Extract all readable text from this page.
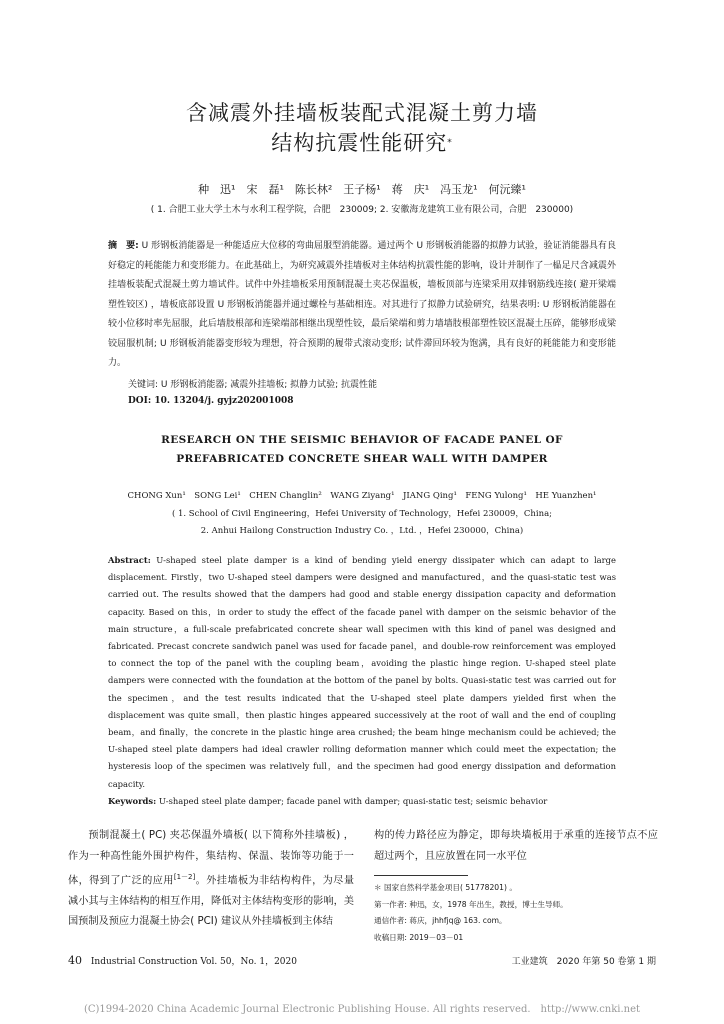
含减震外挂墙板装配式混凝土剪力墙
结构抗震性能研究*
种　迅¹　宋　磊¹　陈长林²　王子杨¹　蒋　庆¹　冯玉龙¹　何沅臻¹
( 1. 合肥工业大学土木与水利工程学院，合肥　230009; 2. 安徽海龙建筑工业有限公司，合肥　230000)
摘　要: U 形钢板消能器是一种能适应大位移的弯曲屈服型消能器。通过两个 U 形钢板消能器的拟静力试验，验证消能器具有良好稳定的耗能能力和变形能力。在此基础上，为研究减震外挂墙板对主体结构抗震性能的影响，设计并制作了一榀足尺含减震外挂墙板装配式混凝土剪力墙试件。试件中外挂墙板采用预制混凝土夹芯保温板，墙板顶部与连梁采用双排钢筋线连接( 避开梁端塑性铰区) ，墙板底部设置 U 形钢板消能器并通过螺栓与基础相连。对其进行了拟静力试验研究，结果表明: U 形钢板消能器在较小位移时率先屈服，此后墙肢根部和连梁端部相继出现塑性铰，最后梁端和剪力墙墙肢根部塑性铰区混凝土压碎，能够形成梁铰屈服机制; U 形钢板消能器变形较为理想，符合预期的履带式滚动变形; 试件滞回环较为饱满，具有良好的耗能能力和变形能力。
关键词: U 形钢板消能器; 减震外挂墙板; 拟静力试验; 抗震性能
DOI: 10. 13204/j. gyjz202001008
RESEARCH ON THE SEISMIC BEHAVIOR OF FACADE PANEL OF
PREFABRICATED CONCRETE SHEAR WALL WITH DAMPER
CHONG Xun¹　SONG Lei¹　CHEN Changlin²　WANG Ziyang¹　JIANG Qing¹　FENG Yulong¹　HE Yuanzhen¹
( 1. School of Civil Engineering，Hefei University of Technology，Hefei 230009，China;
2. Anhui Hailong Construction Industry Co. ，Ltd. ，Hefei 230000，China)
Abstract: U-shaped steel plate damper is a kind of bending yield energy dissipater which can adapt to large displacement. Firstly，two U-shaped steel dampers were designed and manufactured，and the quasi-static test was carried out. The results showed that the dampers had good and stable energy dissipation capacity and deformation capacity. Based on this，in order to study the effect of the facade panel with damper on the seismic behavior of the main structure，a full-scale prefabricated concrete shear wall specimen with this kind of panel was designed and fabricated. Precast concrete sandwich panel was used for facade panel，and double-row reinforcement was employed to connect the top of the panel with the coupling beam，avoiding the plastic hinge region. U-shaped steel plate dampers were connected with the foundation at the bottom of the panel by bolts. Quasi-static test was carried out for the specimen，and the test results indicated that the U-shaped steel plate dampers yielded first when the displacement was quite small，then plastic hinges appeared successively at the root of wall and the end of coupling beam，and finally，the concrete in the plastic hinge area crushed; the beam hinge mechanism could be achieved; the U-shaped steel plate dampers had ideal crawler rolling deformation manner which could meet the expectation; the hysteresis loop of the specimen was relatively full，and the specimen had good energy dissipation and deformation capacity.
Keywords: U-shaped steel plate damper; facade panel with damper; quasi-static test; seismic behavior
预制混凝土( PC) 夹芯保温外墙板( 以下简称外挂墙板) ，作为一种高性能外围护构件，集结构、保温、装饰等功能于一体，得到了广泛的应用[1－2]。外挂墙板为非结构构件，为尽量减小其与主体结构的相互作用，降低对主体结构变形的影响，美国预制及预应力混凝土协会( PCI) 建议从外挂墙板到主体结
构的传力路径应为静定，即每块墙板用于承重的连接节点不应超过两个，且应放置在同一水平位
＊ 国家自然科学基金项目( 51778201) 。
第一作者: 种迅，女，1978 年出生，教授，博士生导师。
通信作者: 蒋庆，jhhfjq@ 163. com。
收稿日期: 2019－03－01
40 Industrial Construction Vol. 50，No. 1，2020	工业建筑　2020 年第 50 卷第 1 期
(C)1994-2020 China Academic Journal Electronic Publishing House. All rights reserved.　http://www.cnki.net
